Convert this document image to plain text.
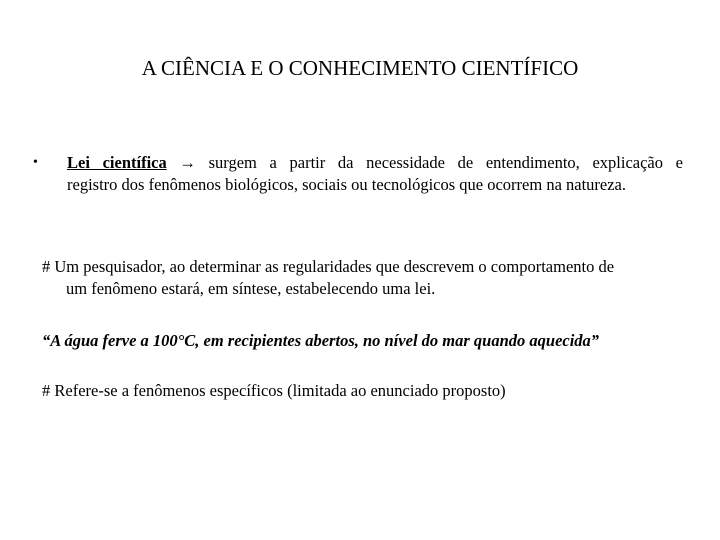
A CIÊNCIA E O CONHECIMENTO CIENTÍFICO
•	Lei científica → surgem a partir da necessidade de entendimento, explicação e
registro dos fenômenos biológicos, sociais ou tecnológicos que ocorrem na natureza.
# Um pesquisador, ao determinar as regularidades que descrevem o comportamento de
um fenômeno estará, em síntese, estabelecendo uma lei.
“A água ferve a 100°C, em recipientes abertos, no nível do mar quando aquecida”
# Refere-se a fenômenos específicos (limitada ao enunciado proposto)
